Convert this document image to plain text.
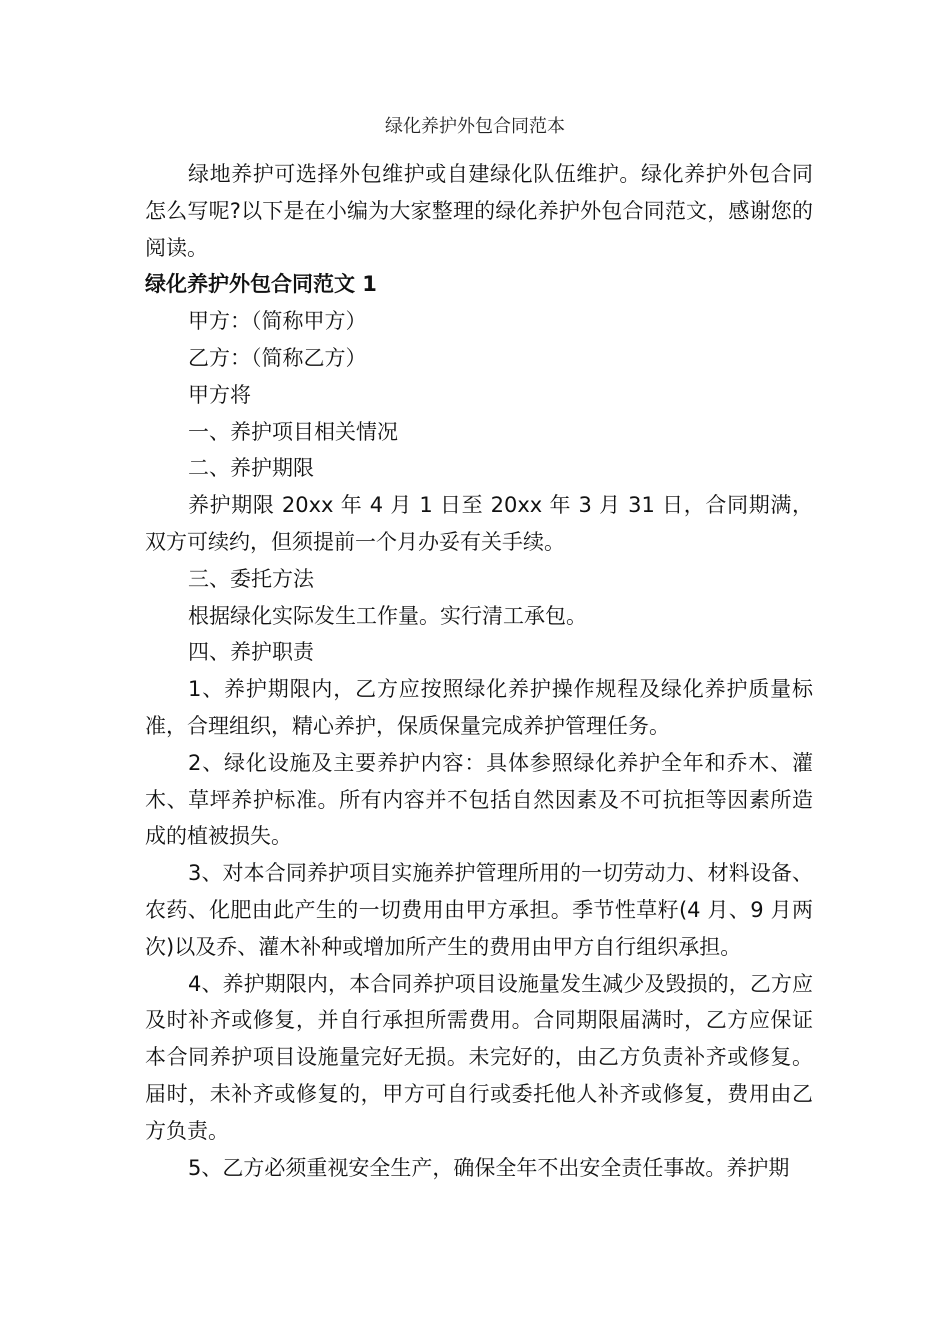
绿化养护外包合同范本

绿地养护可选择外包维护或自建绿化队伍维护。绿化养护外包合同怎么写呢?以下是在小编为大家整理的绿化养护外包合同范文，感谢您的阅读。

绿化养护外包合同范文 1

甲方：（简称甲方）

乙方：（简称乙方）

甲方将

一、养护项目相关情况

二、养护期限

养护期限 20xx 年 4 月 1 日至 20xx 年 3 月 31 日，合同期满，双方可续约，但须提前一个月办妥有关手续。

三、委托方法

根据绿化实际发生工作量。实行清工承包。

四、养护职责

1、养护期限内，乙方应按照绿化养护操作规程及绿化养护质量标准，合理组织，精心养护，保质保量完成养护管理任务。

2、绿化设施及主要养护内容：具体参照绿化养护全年和乔木、灌木、草坪养护标准。所有内容并不包括自然因素及不可抗拒等因素所造成的植被损失。

3、对本合同养护项目实施养护管理所用的一切劳动力、材料设备、农药、化肥由此产生的一切费用由甲方承担。季节性草籽(4 月、9 月两次)以及乔、灌木补种或增加所产生的费用由甲方自行组织承担。

4、养护期限内，本合同养护项目设施量发生减少及毁损的，乙方应及时补齐或修复，并自行承担所需费用。合同期限届满时，乙方应保证本合同养护项目设施量完好无损。未完好的，由乙方负责补齐或修复。届时，未补齐或修复的，甲方可自行或委托他人补齐或修复，费用由乙方负责。

5、乙方必须重视安全生产，确保全年不出安全责任事故。养护期
